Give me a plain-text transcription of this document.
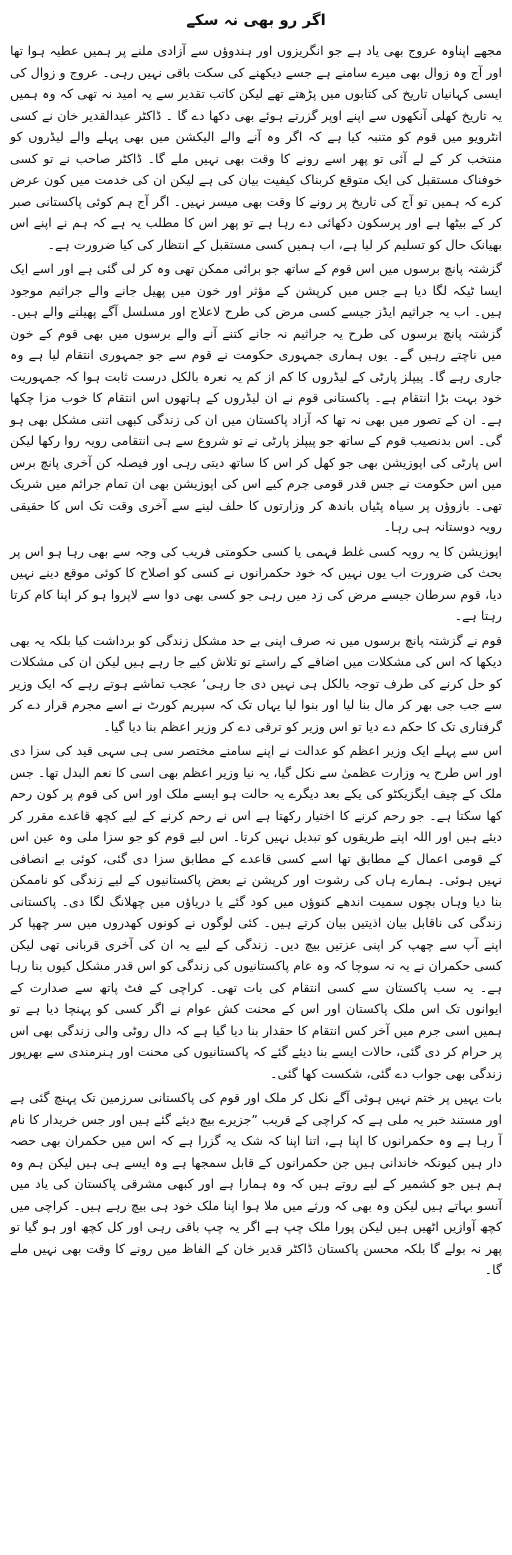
اگر رو بھی نہ سکے

مجھے اپناوہ عروج بھی یاد ہے جو انگریزوں اور ہندوؤں سے آزادی ملنے پر ہمیں عطیہ ہوا تھا اور آج وہ زوال بھی میرے سامنے ہے جسے دیکھنے کی سکت باقی نہیں رہی۔ عروج و زوال کی ایسی کہانیاں تاریخ کی کتابوں میں پڑھتے تھے لیکن کاتب تقدیر سے یہ امید نہ تھی کہ وہ ہمیں یہ تاریخ کھلی آنکھوں سے اپنے اوپر گزرتے ہوئے بھی دکھا دے گا ۔ ڈاکٹر عبدالقدیر خان نے کسی انٹرویو میں قوم کو متنبہ کیا ہے کہ اگر وہ آنے والے الیکشن میں بھی پہلے والے لیڈروں کو منتخب کر کے لے آئی تو پھر اسے رونے کا وقت بھی نہیں ملے گا۔ ڈاکٹر صاحب نے تو کسی خوفناک مستقبل کی ایک متوقع کربناک کیفیت بیان کی ہے لیکن ان کی خدمت میں کون عرض کرے کہ ہمیں تو آج کی تاریخ پر رونے کا وقت بھی میسر نہیں۔ اگر آج ہم کوئی پاکستانی صبر کر کے بیٹھا ہے اور پرسکون دکھائی دے رہا ہے تو پھر اس کا مطلب یہ ہے کہ ہم نے اپنے اس بھیانک حال کو تسلیم کر لیا ہے، اب ہمیں کسی مستقبل کے انتظار کی کیا ضرورت ہے۔

گزشتہ پانچ برسوں میں اس قوم کے ساتھ جو برائی ممکن تھی وہ کر لی گئی ہے اور اسے ایک ایسا ٹیکہ لگا دیا ہے جس میں کرپشن کے مؤثر اور خون میں پھیل جانے والے جراثیم موجود ہیں۔ اب یہ جراثیم ایڈز جیسے کسی مرض کی طرح لاعلاج اور مسلسل آگے پھیلنے والے ہیں۔ گزشتہ پانچ برسوں کی طرح یہ جراثیم نہ جانے کتنے آنے والے برسوں میں بھی قوم کے خون میں ناچتے رہیں گے۔ یوں ہماری جمہوری حکومت نے قوم سے جو جمہوری انتقام لیا ہے وہ جاری رہے گا۔ پیپلز پارٹی کے لیڈروں کا کم از کم یہ نعرہ بالکل درست ثابت ہوا کہ جمہوریت خود بہت بڑا انتقام ہے۔ پاکستانی قوم نے ان لیڈروں کے ہاتھوں اس انتقام کا خوب مزا چکھا ہے۔ ان کے تصور میں بھی نہ تھا کہ آزاد پاکستان میں ان کی زندگی کبھی اتنی مشکل بھی ہو گی۔ اس بدنصیب قوم کے ساتھ جو پیپلز پارٹی نے تو شروع سے ہی انتقامی رویہ روا رکھا لیکن اس پارٹی کی اپوزیشن بھی جو کھل کر اس کا ساتھ دیتی رہی اور فیصلہ کن آخری پانچ برس میں اس حکومت نے جس قدر قومی جرم کیے اس کی اپوزیشن بھی ان تمام جرائم میں شریک تھی۔ بازوؤں پر سیاہ پٹیاں باندھ کر وزارتوں کا حلف لینے سے آخری وقت تک اس کا حقیقی رویہ دوستانہ ہی رہا۔

اپوزیشن کا یہ رویہ کسی غلط فہمی یا کسی حکومتی فریب کی وجہ سے بھی رہا ہو اس پر بحث کی ضرورت اب یوں نہیں کہ خود حکمرانوں نے کسی کو اصلاح کا کوئی موقع دینے نہیں دیا، قوم سرطان جیسے مرض کی زد میں رہی جو کسی بھی دوا سے لاپروا ہو کر اپنا کام کرتا رہتا ہے۔

قوم نے گزشتہ پانچ برسوں میں نہ صرف اپنی بے حد مشکل زندگی کو برداشت کیا بلکہ یہ بھی دیکھا کہ اس کی مشکلات میں اضافے کے راستے تو تلاش کیے جا رہے ہیں لیکن ان کی مشکلات کو حل کرنے کی طرف توجہ بالکل ہی نہیں دی جا رہی‘ عجب تماشے ہوتے رہے کہ ایک وزیر سے جب جی بھر کر مال بنا لیا اور بنوا لیا یہاں تک کہ سپریم کورٹ نے اسے مجرم قرار دے کر گرفتاری تک کا حکم دے دیا تو اس وزیر کو ترقی دے کر وزیر اعظم بنا دیا گیا۔

اس سے پہلے ایک وزیر اعظم کو عدالت نے اپنے سامنے مختصر سی ہی سہی قید کی سزا دی اور اس طرح یہ وزارت عظمیٰ سے نکل گیا، یہ نیا وزیر اعظم بھی اسی کا نعم البدل تھا۔ جس ملک کے چیف ایگزیکٹو کی یکے بعد دیگرے یہ حالت ہو ایسے ملک اور اس کی قوم پر کون رحم کھا سکتا ہے۔ جو رحم کرنے کا اختیار رکھتا ہے اس نے رحم کرنے کے لیے کچھ قاعدے مقرر کر دیئے ہیں اور اللہ اپنے طریقوں کو تبدیل نہیں کرتا۔ اس لیے قوم کو جو سزا ملی وہ عین اس کے قومی اعمال کے مطابق تھا اسے کسی قاعدے کے مطابق سزا دی گئی، کوئی بے انصافی نہیں ہوئی۔ ہمارے ہاں کی رشوت اور کرپشن نے بعض پاکستانیوں کے لیے زندگی کو ناممکن بنا دیا وہاں بچوں سمیت اندھے کنوؤں میں کود گئے یا دریاؤں میں چھلانگ لگا دی۔ پاکستانی زندگی کی ناقابل بیان اذیتیں بیان کرتے ہیں۔ کئی لوگوں نے کونوں کھدروں میں سر چھپا کر اپنے آپ سے چھپ کر اپنی عزتیں بیچ دیں۔ زندگی کے لیے یہ ان کی آخری قربانی تھی لیکن کسی حکمران نے یہ نہ سوچا کہ وہ عام پاکستانیوں کی زندگی کو اس قدر مشکل کیوں بنا رہا ہے۔ یہ سب پاکستان سے کسی انتقام کی بات تھی۔ کراچی کے فٹ پاتھ سے صدارت کے ایوانوں تک اس ملک پاکستان اور اس کے محنت کش عوام نے اگر کسی کو پہنچا دیا ہے تو ہمیں اسی جرم میں آخر کس انتقام کا حقدار بنا دیا گیا ہے کہ دال روٹی والی زندگی بھی اس پر حرام کر دی گئی، حالات ایسے بنا دیئے گئے کہ پاکستانیوں کی محنت اور ہنرمندی سے بھرپور زندگی بھی جواب دے گئی، شکست کھا گئی۔

بات یہیں پر ختم نہیں ہوئی آگے نکل کر ملک اور قوم کی پاکستانی سرزمین تک پہنچ گئی ہے اور مستند خبر یہ ملی ہے کہ کراچی کے قریب ”جزیرے بیچ دیئے گئے ہیں اور جس خریدار کا نام آ رہا ہے وہ حکمرانوں کا اپنا ہے، اتنا اپنا کہ شک یہ گزرا ہے کہ اس میں حکمران بھی حصہ دار ہیں کیونکہ خاندانی ہیں جن حکمرانوں کے قابل سمجھا ہے وہ ایسے ہی ہیں لیکن ہم وہ ہم ہیں جو کشمیر کے لیے روتے ہیں کہ وہ ہمارا ہے اور کبھی مشرقی پاکستان کی یاد میں آنسو بہاتے ہیں لیکن وہ بھی کہ ورثے میں ملا ہوا اپنا ملک خود ہی بیچ رہے ہیں۔ کراچی میں کچھ آوازیں اٹھیں ہیں لیکن پورا ملک چپ ہے اگر یہ چپ باقی رہی اور کل کچھ اور ہو گیا تو پھر نہ بولے گا بلکہ محسن پاکستان ڈاکٹر قدیر خان کے الفاظ میں رونے کا وقت بھی نہیں ملے گا۔
